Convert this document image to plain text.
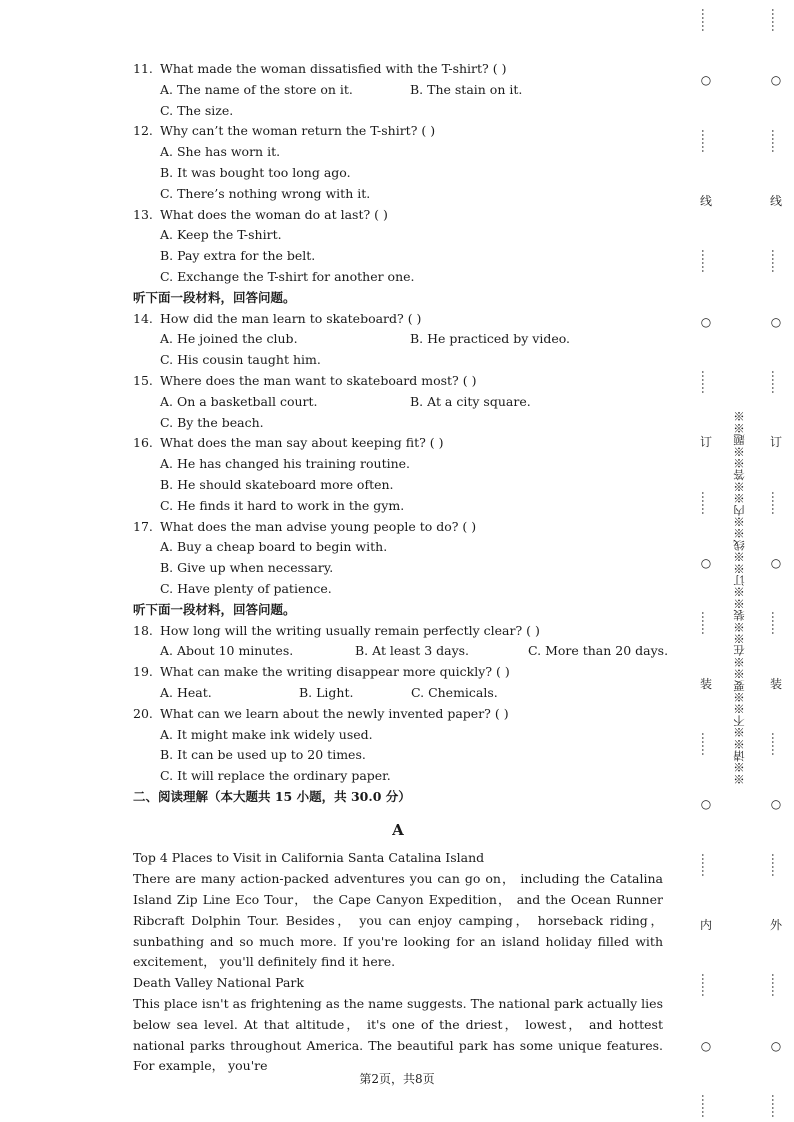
11. What made the woman dissatisfied with the T-shirt? ( )
A. The name of the store on it.	B. The stain on it.
C. The size.
12. Why can’t the woman return the T-shirt? ( )
A. She has worn it.
B. It was bought too long ago.
C. There’s nothing wrong with it.
13. What does the woman do at last? ( )
A. Keep the T-shirt.
B. Pay extra for the belt.
C. Exchange the T-shirt for another one.
听下面一段材料，回答问题。
14. How did the man learn to skateboard? ( )
A. He joined the club.	B. He practiced by video.
C. His cousin taught him.
15. Where does the man want to skateboard most? ( )
A. On a basketball court.	B. At a city square.
C. By the beach.
16. What does the man say about keeping fit? ( )
A. He has changed his training routine.
B. He should skateboard more often.
C. He finds it hard to work in the gym.
17. What does the man advise young people to do? ( )
A. Buy a cheap board to begin with.
B. Give up when necessary.
C. Have plenty of patience.
听下面一段材料，回答问题。
18. How long will the writing usually remain perfectly clear? ( )
A. About 10 minutes.	B. At least 3 days.	C. More than 20 days.
19. What can make the writing disappear more quickly? ( )
A. Heat.	B. Light.	C. Chemicals.
20. What can we learn about the newly invented paper? ( )
A. It might make ink widely used.
B. It can be used up to 20 times.
C. It will replace the ordinary paper.
二、阅读理解（本大题共 15 小题，共 30.0 分）
A
Top 4 Places to Visit in California Santa Catalina Island
There are many action-packed adventures you can go on， including the Catalina Island Zip Line Eco Tour， the Cape Canyon Expedition， and the Ocean Runner Ribcraft Dolphin Tour. Besides， you can enjoy camping， horseback riding， sunbathing and so much more. If you're looking for an island holiday filled with excitement， you'll definitely find it here.
Death Valley National Park
This place isn't as frightening as the name suggests. The national park actually lies below sea level. At that altitude， it's one of the driest， lowest， and hottest national parks throughout America. The beautiful park has some unique features. For example， you're
第2页，共8页
……
○
……
线
……
○
……
订
……
○
……
装
……
○
……
内
……
○
……
……
○
……
线
……
○
……
订
……
○
……
装
……
○
……
外
……
○
……
※※请※※不※※要※※在※※装※※订※※线※※内※※答※※题※※
